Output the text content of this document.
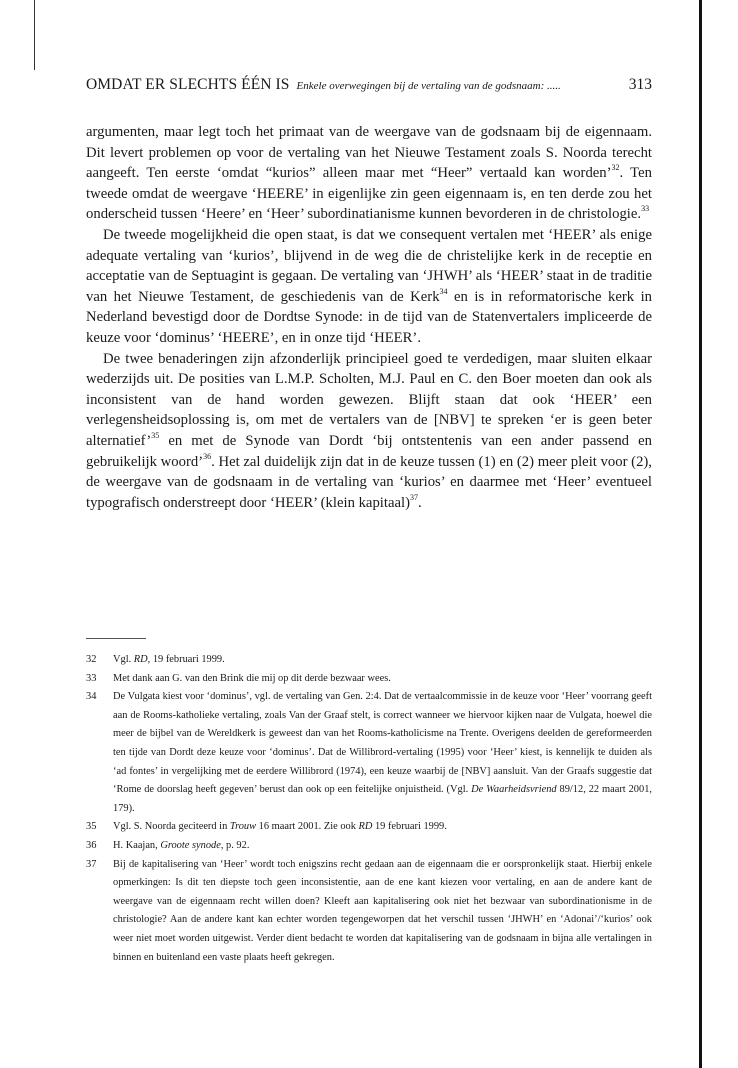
OMDAT ER SLECHTS ÉÉN IS Enkele overwegingen bij de vertaling van de godsnaam: .....	313

argumenten, maar legt toch het primaat van de weergave van de godsnaam bij de eigennaam. Dit levert problemen op voor de vertaling van het Nieuwe Testament zoals S. Noorda terecht aangeeft. Ten eerste ‘omdat “kurios” alleen maar met “Heer” vertaald kan worden’$^{32}$. Ten tweede omdat de weergave ‘HEERE’ in eigenlijke zin geen eigennaam is, en ten derde zou het onderscheid tussen ‘Heere’ en ‘Heer’ subordinatianisme kunnen bevorderen in de christologie.$^{33}$

De tweede mogelijkheid die open staat, is dat we consequent vertalen met ‘HEER’ als enige adequate vertaling van ‘kurios’, blijvend in de weg die de christelijke kerk in de receptie en acceptatie van de Septuagint is gegaan. De vertaling van ‘JHWH’ als ‘HEER’ staat in de traditie van het Nieuwe Testament, de geschiedenis van de Kerk$^{34}$ en is in reformatorische kerk in Nederland bevestigd door de Dordtse Synode: in de tijd van de Statenvertalers impliceerde de keuze voor ‘dominus’ ‘HEERE’, en in onze tijd ‘HEER’.

De twee benaderingen zijn afzonderlijk principieel goed te verdedigen, maar sluiten elkaar wederzijds uit. De posities van L.M.P. Scholten, M.J. Paul en C. den Boer moeten dan ook als inconsistent van de hand worden gewezen. Blijft staan dat ook ‘HEER’ een verlegensheidsoplossing is, om met de vertalers van de [NBV] te spreken ‘er is geen beter alternatief’$^{35}$ en met de Synode van Dordt ‘bij ontstentenis van een ander passend en gebruikelijk woord’$^{36}$. Het zal duidelijk zijn dat in de keuze tussen (1) en (2) meer pleit voor (2), de weergave van de godsnaam in de vertaling van ‘kurios’ en daarmee met ‘Heer’ eventueel typografisch onderstreept door ‘HEER’ (klein kapitaal)$^{37}$.

32	Vgl. RD, 19 februari 1999.
33	Met dank aan G. van den Brink die mij op dit derde bezwaar wees.
34	De Vulgata kiest voor ‘dominus’, vgl. de vertaling van Gen. 2:4. Dat de vertaalcommissie in de keuze voor ‘Heer’ voorrang geeft aan de Rooms-katholieke vertaling, zoals Van der Graaf stelt, is correct wanneer we hiervoor kijken naar de Vulgata, hoewel die meer de bijbel van de Wereldkerk is geweest dan van het Rooms-katholicisme na Trente. Overigens deelden de gereformeerden ten tijde van Dordt deze keuze voor ‘dominus’. Dat de Willibrord-vertaling (1995) voor ‘Heer’ kiest, is kennelijk te duiden als ‘ad fontes’ in vergelijking met de eerdere Willibrord (1974), een keuze waarbij de [NBV] aansluit. Van der Graafs suggestie dat ‘Rome de doorslag heeft gegeven’ berust dan ook op een feitelijke onjuistheid. (Vgl. De Waarheidsvriend 89/12, 22 maart 2001, 179).
35	Vgl. S. Noorda geciteerd in Trouw 16 maart 2001. Zie ook RD 19 februari 1999.
36	H. Kaajan, Groote synode, p. 92.
37	Bij de kapitalisering van ‘Heer’ wordt toch enigszins recht gedaan aan de eigennaam die er oorspronkelijk staat. Hierbij enkele opmerkingen: Is dit ten diepste toch geen inconsistentie, aan de ene kant kiezen voor vertaling, en aan de andere kant de weergave van de eigennaam recht willen doen? Kleeft aan kapitalisering ook niet het bezwaar van subordinationisme in de christologie? Aan de andere kant kan echter worden tegengeworpen dat het verschil tussen ‘JHWH’ en ‘Adonai’/‘kurios’ ook weer niet moet worden uitgewist. Verder dient bedacht te worden dat kapitalisering van de godsnaam in bijna alle vertalingen in binnen en buitenland een vaste plaats heeft gekregen.
